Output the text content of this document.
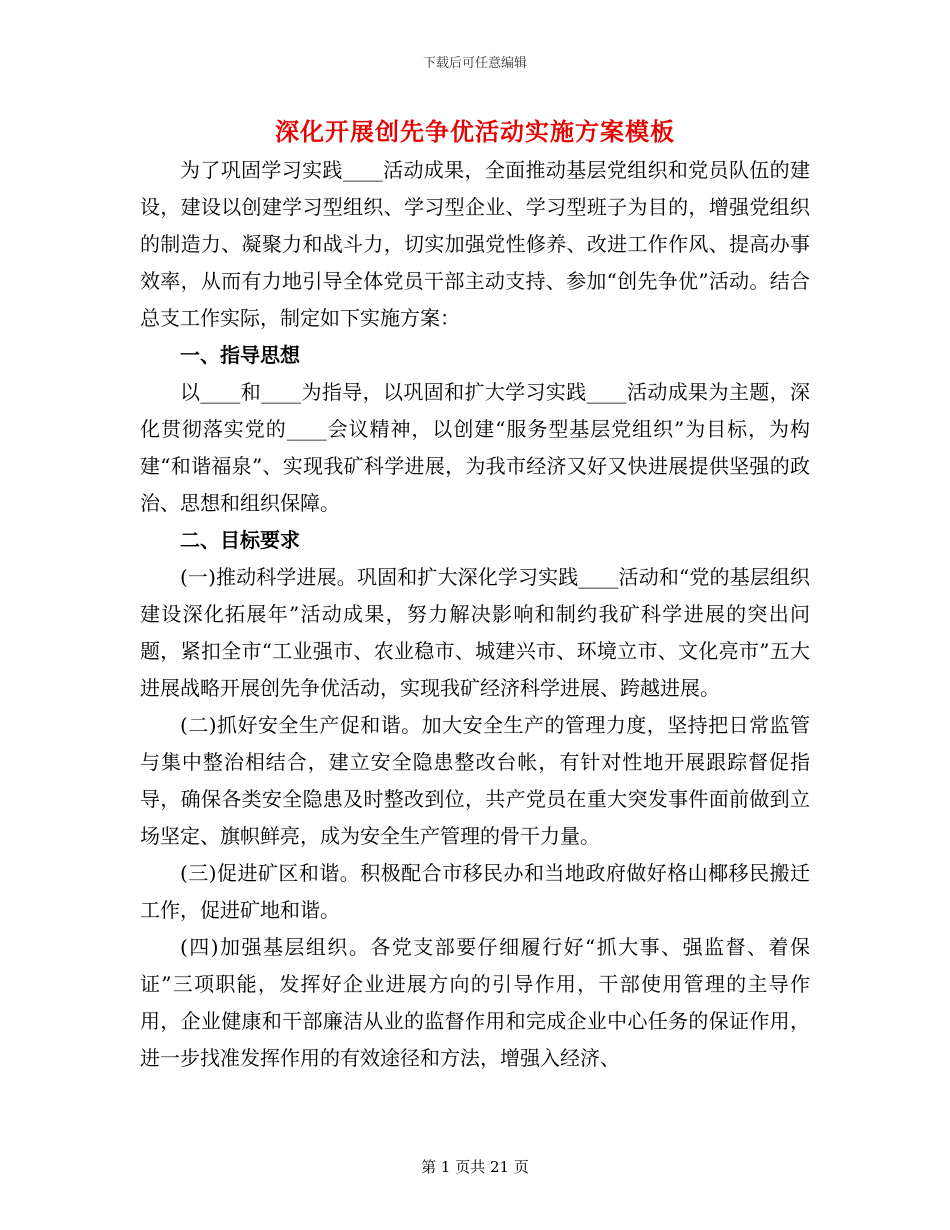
下载后可任意编辑
深化开展创先争优活动实施方案模板

为了巩固学习实践____活动成果，全面推动基层党组织和党员队伍的建设，建设以创建学习型组织、学习型企业、学习型班子为目的，增强党组织的制造力、凝聚力和战斗力，切实加强党性修养、改进工作作风、提高办事效率，从而有力地引导全体党员干部主动支持、参加“创先争优”活动。结合总支工作实际，制定如下实施方案：

一、指导思想

以____和____为指导，以巩固和扩大学习实践____活动成果为主题，深化贯彻落实党的____会议精神，以创建“服务型基层党组织”为目标，为构建“和谐福泉”、实现我矿科学进展，为我市经济又好又快进展提供坚强的政治、思想和组织保障。

二、目标要求

(一)推动科学进展。巩固和扩大深化学习实践____活动和“党的基层组织建设深化拓展年”活动成果，努力解决影响和制约我矿科学进展的突出问题，紧扣全市“工业强市、农业稳市、城建兴市、环境立市、文化亮市”五大进展战略开展创先争优活动，实现我矿经济科学进展、跨越进展。

(二)抓好安全生产促和谐。加大安全生产的管理力度，坚持把日常监管与集中整治相结合，建立安全隐患整改台帐，有针对性地开展跟踪督促指导，确保各类安全隐患及时整改到位，共产党员在重大突发事件面前做到立场坚定、旗帜鲜亮，成为安全生产管理的骨干力量。

(三)促进矿区和谐。积极配合市移民办和当地政府做好格山椰移民搬迁工作，促进矿地和谐。

(四)加强基层组织。各党支部要仔细履行好“抓大事、强监督、着保证”三项职能，发挥好企业进展方向的引导作用，干部使用管理的主导作用，企业健康和干部廉洁从业的监督作用和完成企业中心任务的保证作用，进一步找准发挥作用的有效途径和方法，增强入经济、

第 1 页共 21 页
